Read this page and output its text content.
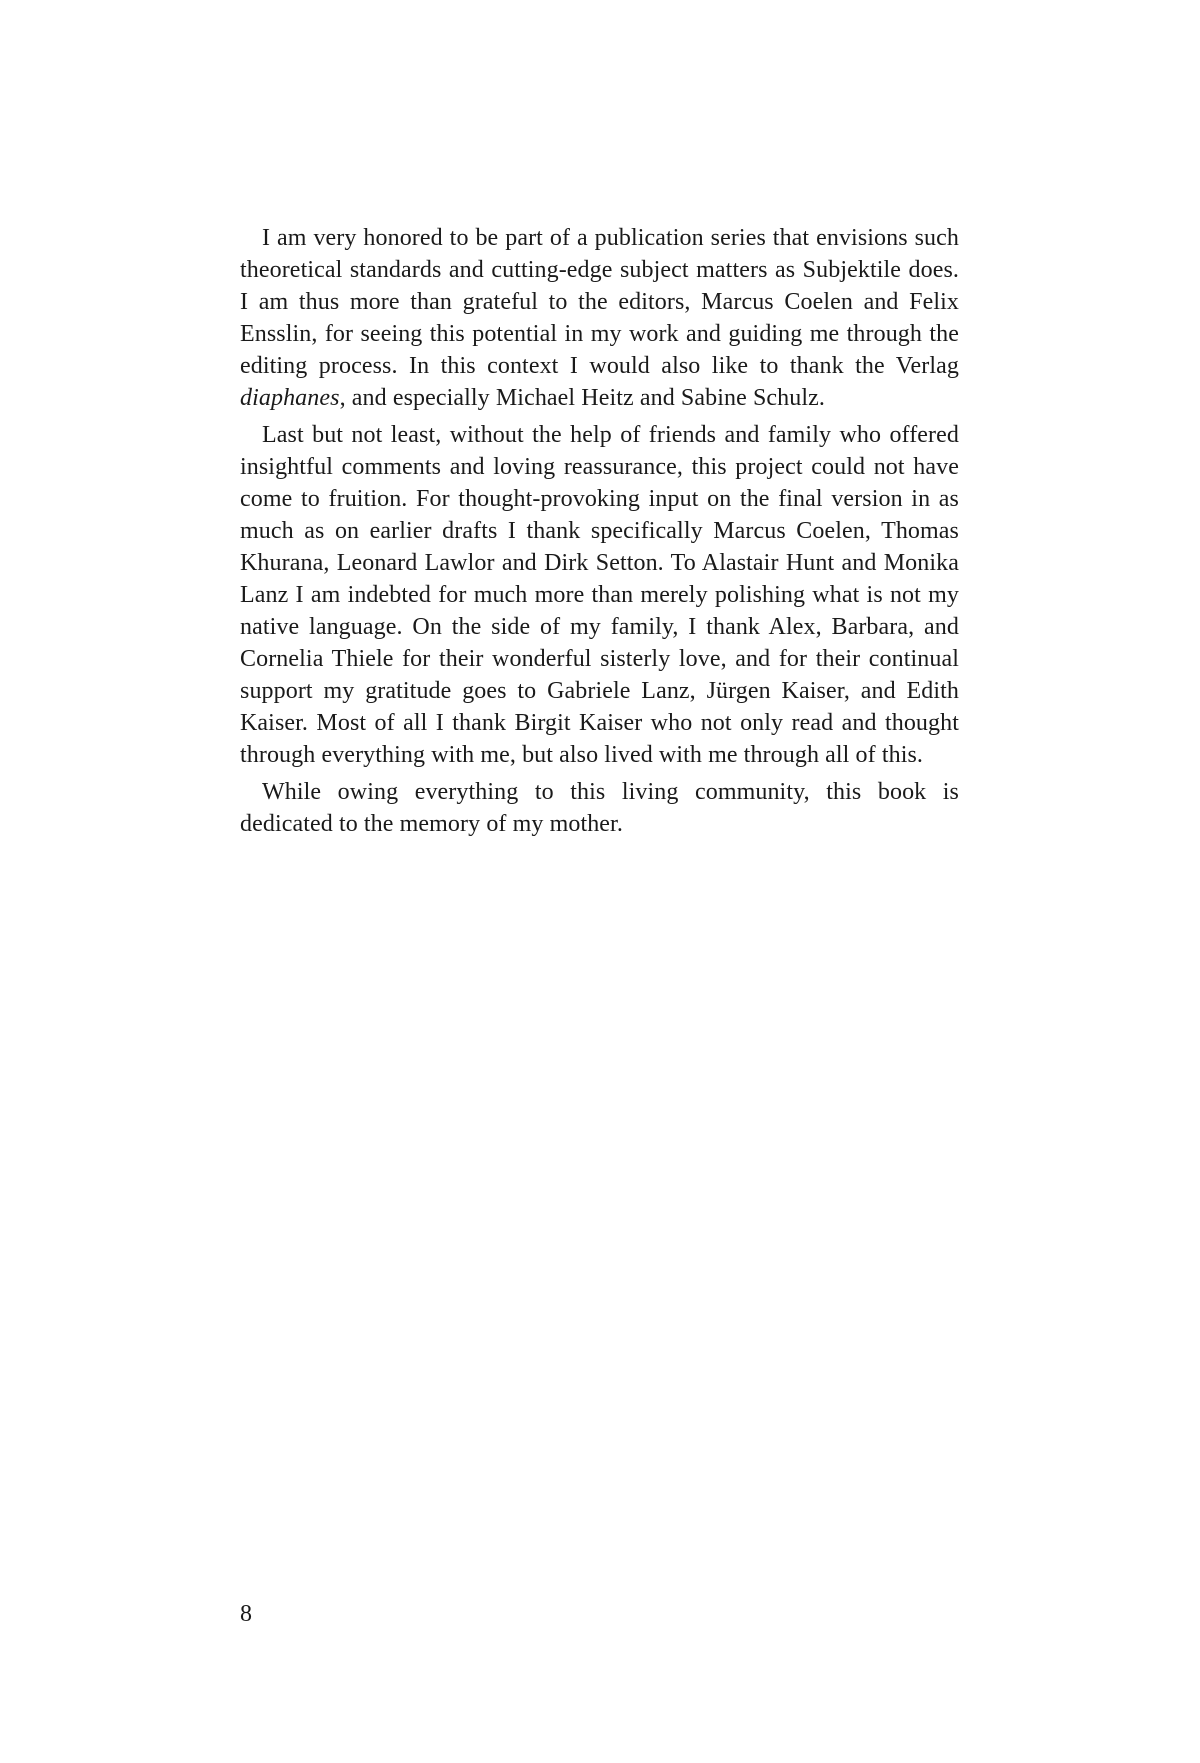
I am very honored to be part of a publication series that envisions such theoretical standards and cutting-edge subject matters as Subjektile does. I am thus more than grateful to the editors, Marcus Coelen and Felix Ensslin, for seeing this potential in my work and guiding me through the editing process. In this context I would also like to thank the Verlag diaphanes, and especially Michael Heitz and Sabine Schulz.

Last but not least, without the help of friends and family who offered insightful comments and loving reassurance, this project could not have come to fruition. For thought-provoking input on the final version in as much as on earlier drafts I thank specifically Marcus Coelen, Thomas Khurana, Leonard Lawlor and Dirk Setton. To Alastair Hunt and Monika Lanz I am indebted for much more than merely polishing what is not my native language. On the side of my family, I thank Alex, Barbara, and Cornelia Thiele for their wonderful sisterly love, and for their continual support my gratitude goes to Gabriele Lanz, Jürgen Kaiser, and Edith Kaiser. Most of all I thank Birgit Kaiser who not only read and thought through everything with me, but also lived with me through all of this.

While owing everything to this living community, this book is dedicated to the memory of my mother.

8
